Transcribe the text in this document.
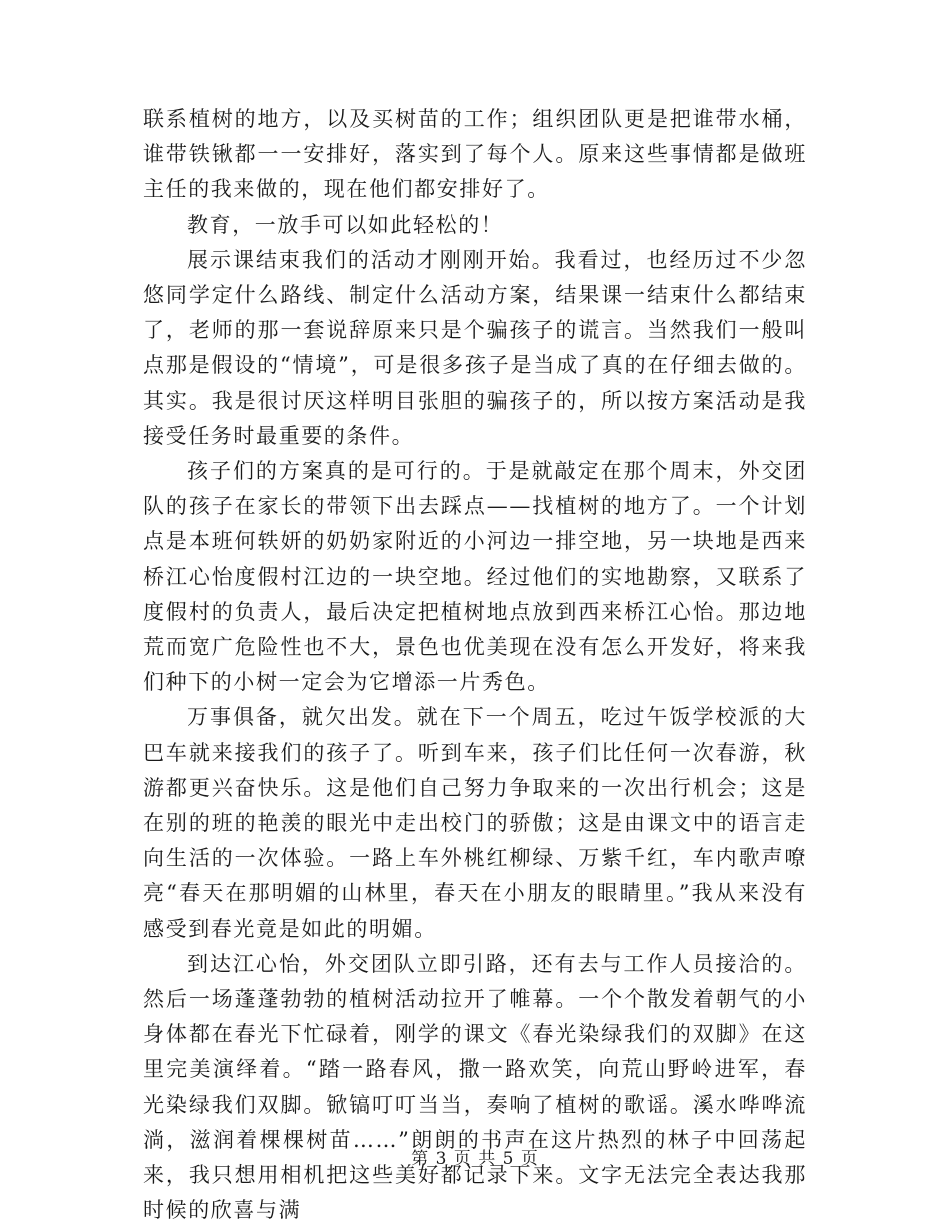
联系植树的地方，以及买树苗的工作；组织团队更是把谁带水桶，谁带铁锹都一一安排好，落实到了每个人。原来这些事情都是做班主任的我来做的，现在他们都安排好了。

教育，一放手可以如此轻松的！

展示课结束我们的活动才刚刚开始。我看过，也经历过不少忽悠同学定什么路线、制定什么活动方案，结果课一结束什么都结束了，老师的那一套说辞原来只是个骗孩子的谎言。当然我们一般叫点那是假设的“情境”，可是很多孩子是当成了真的在仔细去做的。其实。我是很讨厌这样明目张胆的骗孩子的，所以按方案活动是我接受任务时最重要的条件。

孩子们的方案真的是可行的。于是就敲定在那个周末，外交团队的孩子在家长的带领下出去踩点——找植树的地方了。一个计划点是本班何轶妍的奶奶家附近的小河边一排空地，另一块地是西来桥江心怡度假村江边的一块空地。经过他们的实地勘察，又联系了度假村的负责人，最后决定把植树地点放到西来桥江心怡。那边地荒而宽广危险性也不大，景色也优美现在没有怎么开发好，将来我们种下的小树一定会为它增添一片秀色。

万事俱备，就欠出发。就在下一个周五，吃过午饭学校派的大巴车就来接我们的孩子了。听到车来，孩子们比任何一次春游，秋游都更兴奋快乐。这是他们自己努力争取来的一次出行机会；这是在别的班的艳羡的眼光中走出校门的骄傲；这是由课文中的语言走向生活的一次体验。一路上车外桃红柳绿、万紫千红，车内歌声嘹亮“春天在那明媚的山林里，春天在小朋友的眼睛里。”我从来没有感受到春光竟是如此的明媚。

到达江心怡，外交团队立即引路，还有去与工作人员接洽的。然后一场蓬蓬勃勃的植树活动拉开了帷幕。一个个散发着朝气的小身体都在春光下忙碌着，刚学的课文《春光染绿我们的双脚》在这里完美演绎着。“踏一路春风，撒一路欢笑，向荒山野岭进军，春光染绿我们双脚。锨镐叮叮当当，奏响了植树的歌谣。溪水哗哗流淌，滋润着棵棵树苗……”朗朗的书声在这片热烈的林子中回荡起来，我只想用相机把这些美好都记录下来。文字无法完全表达我那时候的欣喜与满

第 3 页 共 5 页
